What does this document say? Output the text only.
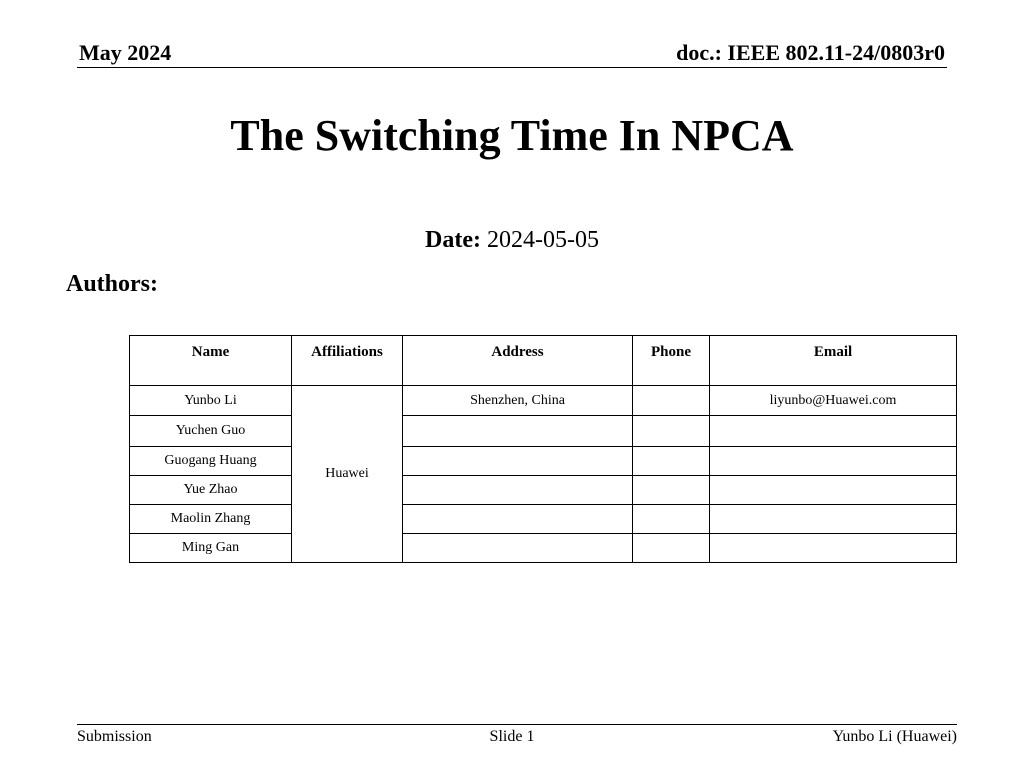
May 2024	doc.: IEEE 802.11-24/0803r0
The Switching Time In NPCA
Date: 2024-05-05
Authors:
Name	Affiliations	Address	Phone	Email
Yunbo Li	Huawei	Shenzhen, China		liyunbo@Huawei.com
Yuchen Guo				
Guogang Huang				
Yue Zhao				
Maolin Zhang				
Ming Gan				
Submission	Slide 1	Yunbo Li (Huawei)
